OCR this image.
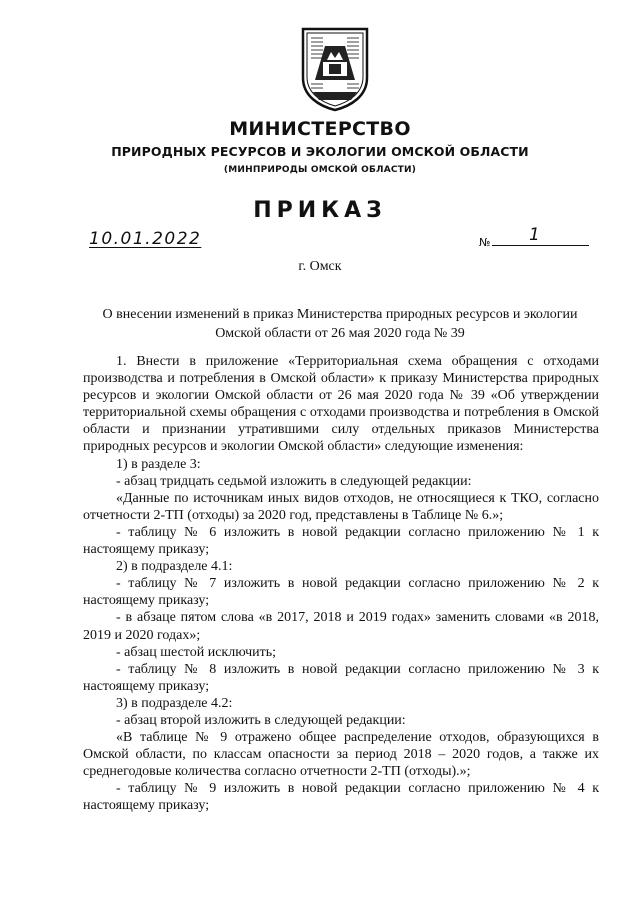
МИНИСТЕРСТВО
ПРИРОДНЫХ РЕСУРСОВ И ЭКОЛОГИИ ОМСКОЙ ОБЛАСТИ
(МИНПРИРОДЫ ОМСКОЙ ОБЛАСТИ)
ПРИКАЗ
10.01.2022	№ 1
г. Омск
О внесении изменений в приказ Министерства природных ресурсов и экологии Омской области от 26 мая 2020 года № 39

1. Внести в приложение «Территориальная схема обращения с отходами производства и потребления в Омской области» к приказу Министерства природных ресурсов и экологии Омской области от 26 мая 2020 года № 39 «Об утверждении территориальной схемы обращения с отходами производства и потребления в Омской области и признании утратившими силу отдельных приказов Министерства природных ресурсов и экологии Омской области» следующие изменения:

1) в разделе 3:

- абзац тридцать седьмой изложить в следующей редакции:

«Данные по источникам иных видов отходов, не относящиеся к ТКО, согласно отчетности 2-ТП (отходы) за 2020 год, представлены в Таблице № 6.»;

- таблицу № 6 изложить в новой редакции согласно приложению № 1 к настоящему приказу;

2) в подразделе 4.1:

- таблицу № 7 изложить в новой редакции согласно приложению № 2 к настоящему приказу;

- в абзаце пятом слова «в 2017, 2018 и 2019 годах» заменить словами «в 2018, 2019 и 2020 годах»;

- абзац шестой исключить;

- таблицу № 8 изложить в новой редакции согласно приложению № 3 к настоящему приказу;

3) в подразделе 4.2:

- абзац второй изложить в следующей редакции:

«В таблице № 9 отражено общее распределение отходов, образующихся в Омской области, по классам опасности за период 2018 – 2020 годов, а также их среднегодовые количества согласно отчетности 2-ТП (отходы).»;

- таблицу № 9 изложить в новой редакции согласно приложению № 4 к настоящему приказу;
